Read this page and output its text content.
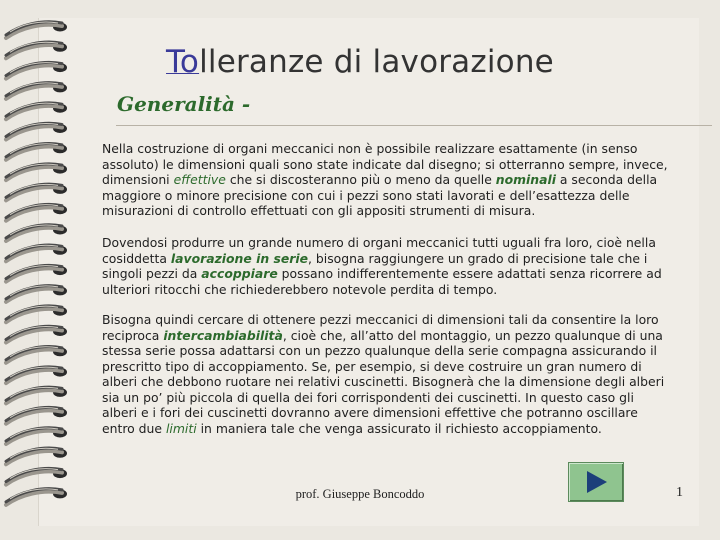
Tolleranze di lavorazione
Generalità -

Nella costruzione di organi meccanici non è possibile realizzare esattamente (in senso assoluto) le dimensioni quali sono state indicate dal disegno; si otterranno sempre, invece, dimensioni effettive che si discosteranno più o meno da quelle nominali a seconda della maggiore o minore precisione con cui i pezzi sono stati lavorati e dell’esattezza delle misurazioni di controllo effettuati con gli appositi strumenti di misura.

Dovendosi produrre un grande numero di organi meccanici tutti uguali fra loro, cioè nella cosiddetta lavorazione in serie, bisogna raggiungere un grado di precisione tale che i singoli pezzi da accoppiare possano indifferentemente essere adattati senza ricorrere ad ulteriori ritocchi che richiederebbero notevole perdita di tempo.

Bisogna quindi cercare di ottenere pezzi meccanici di dimensioni tali da consentire la loro reciproca intercambiabilità, cioè che, all’atto del montaggio, un pezzo qualunque di una stessa serie possa adattarsi con un pezzo qualunque della serie compagna assicurando il prescritto tipo di accoppiamento. Se, per esempio, si deve costruire un gran numero di alberi che debbono ruotare nei relativi cuscinetti. Bisognerà che la dimensione degli alberi sia un po’ più piccola di quella dei fori corrispondenti dei cuscinetti. In questo caso gli alberi e i fori dei cuscinetti dovranno avere dimensioni effettive che potranno oscillare entro due limiti in maniera tale che venga assicurato il richiesto accoppiamento.

prof. Giuseppe Boncoddo	1
